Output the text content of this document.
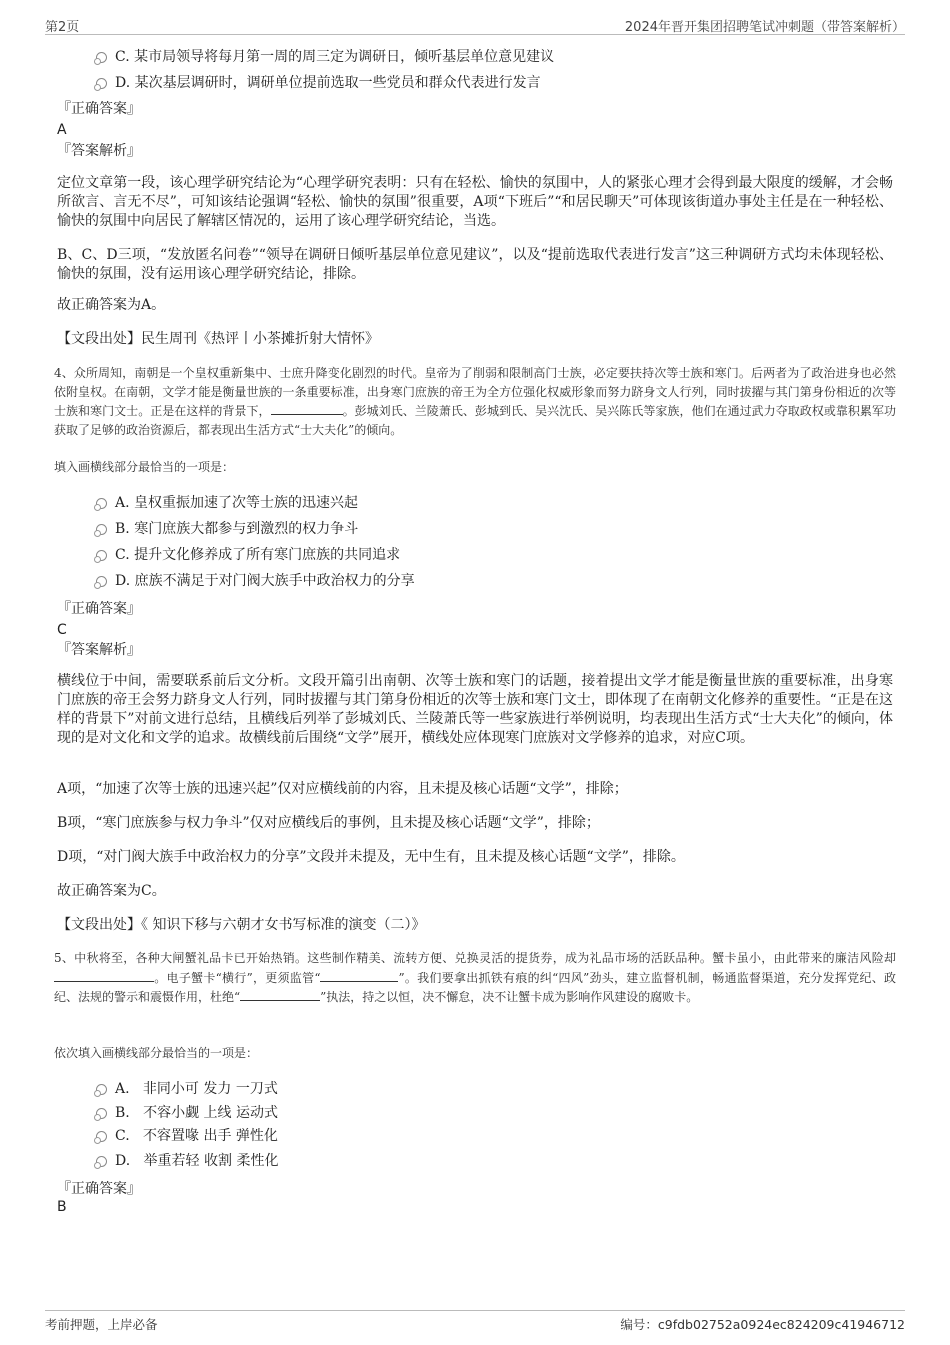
第2页	2024年晋开集团招聘笔试冲刺题（带答案解析）
C. 某市局领导将每月第一周的周三定为调研日，倾听基层单位意见建议
D. 某次基层调研时，调研单位提前选取一些党员和群众代表进行发言
『正确答案』
A
『答案解析』

定位文章第一段，该心理学研究结论为“心理学研究表明：只有在轻松、愉快的氛围中，人的紧张心理才会得到最大限度的缓解，才会畅所欲言、言无不尽”，可知该结论强调“轻松、愉快的氛围”很重要，A项“下班后”“和居民聊天”可体现该街道办事处主任是在一种轻松、愉快的氛围中向居民了解辖区情况的，运用了该心理学研究结论，当选。

B、C、D三项，“发放匿名问卷”“领导在调研日倾听基层单位意见建议”，以及“提前选取代表进行发言”这三种调研方式均未体现轻松、愉快的氛围，没有运用该心理学研究结论，排除。

故正确答案为A。

【文段出处】民生周刊《热评丨小茶摊折射大情怀》

4、众所周知，南朝是一个皇权重新集中、士庶升降变化剧烈的时代。皇帝为了削弱和限制高门士族，必定要扶持次等士族和寒门。后两者为了政治进身也必然依附皇权。在南朝，文学才能是衡量世族的一条重要标准，出身寒门庶族的帝王为全方位强化权威形象而努力跻身文人行列，同时拔擢与其门第身份相近的次等士族和寒门文士。正是在这样的背景下，	。彭城刘氏、兰陵萧氏、彭城到氏、吴兴沈氏、吴兴陈氏等家族，他们在通过武力夺取政权或靠积累军功获取了足够的政治资源后，都表现出生活方式“士大夫化”的倾向。

填入画横线部分最恰当的一项是：

A. 皇权重振加速了次等士族的迅速兴起
B. 寒门庶族大都参与到激烈的权力争斗
C. 提升文化修养成了所有寒门庶族的共同追求
D. 庶族不满足于对门阀大族手中政治权力的分享
『正确答案』
C
『答案解析』

横线位于中间，需要联系前后文分析。文段开篇引出南朝、次等士族和寒门的话题，接着提出文学才能是衡量世族的重要标准，出身寒门庶族的帝王会努力跻身文人行列，同时拔擢与其门第身份相近的次等士族和寒门文士，即体现了在南朝文化修养的重要性。“正是在这样的背景下”对前文进行总结，且横线后列举了彭城刘氏、兰陵萧氏等一些家族进行举例说明，均表现出生活方式“士大夫化”的倾向，体现的是对文化和文学的追求。故横线前后围绕“文学”展开，横线处应体现寒门庶族对文学修养的追求，对应C项。

A项，“加速了次等士族的迅速兴起”仅对应横线前的内容，且未提及核心话题“文学”，排除；

B项，“寒门庶族参与权力争斗”仅对应横线后的事例，且未提及核心话题“文学”，排除；

D项，“对门阀大族手中政治权力的分享”文段并未提及，无中生有，且未提及核心话题“文学”，排除。

故正确答案为C。

【文段出处】《 知识下移与六朝才女书写标准的演变（二）》

5、中秋将至，各种大闸蟹礼品卡已开始热销。这些制作精美、流转方便、兑换灵活的提货券，成为礼品市场的活跃品种。蟹卡虽小，由此带来的廉洁风险却。电子蟹卡“横行”，更须监管“	”。我们要拿出抓铁有痕的纠“四风”劲头，建立监督机制，畅通监督渠道，充分发挥党纪、政纪、法规的警示和震慑作用，杜绝“	”执法，持之以恒，决不懈怠，决不让蟹卡成为影响作风建设的腐败卡。

依次填入画横线部分最恰当的一项是：

A. 非同小可 发力 一刀式
B. 不容小觑 上线 运动式
C. 不容置喙 出手 弹性化
D. 举重若轻 收割 柔性化
『正确答案』
B
考前押题，上岸必备	编号：c9fdb02752a0924ec824209c41946712
